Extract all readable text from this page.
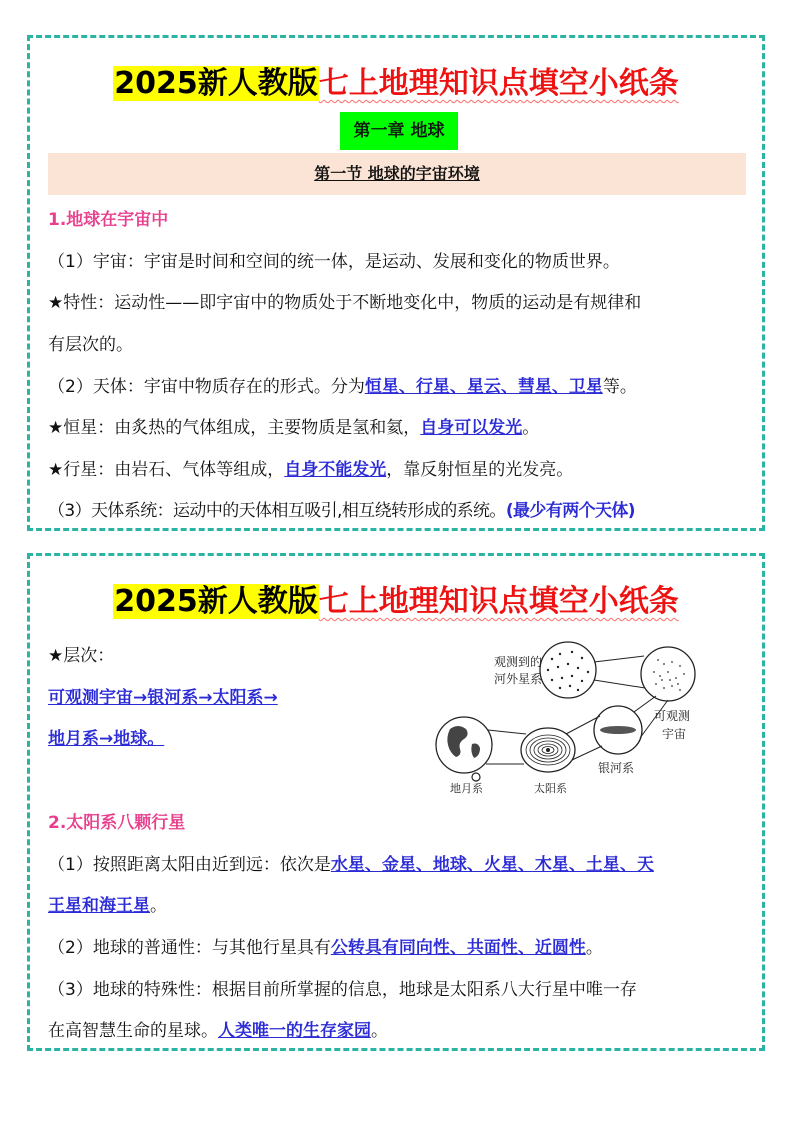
2025新人教版七上地理知识点填空小纸条
第一章 地球
第一节 地球的宇宙环境
1.地球在宇宙中
（1）宇宙：宇宙是时间和空间的统一体，是运动、发展和变化的物质世界。
★特性：运动性——即宇宙中的物质处于不断地变化中，物质的运动是有规律和
有层次的。
（2）天体：宇宙中物质存在的形式。分为恒星、行星、星云、彗星、卫星等。
★恒星：由炙热的气体组成，主要物质是氢和氦，自身可以发光。
★行星：由岩石、气体等组成，自身不能发光，靠反射恒星的光发亮。
（3）天体系统：运动中的天体相互吸引,相互绕转形成的系统。(最少有两个天体)
2025新人教版七上地理知识点填空小纸条
★层次：
可观测宇宙→银河系→太阳系→
地月系→地球。
观测到的
河外星系
可观测
宇宙
银河系
太阳系
地月系
2.太阳系八颗行星
（1）按照距离太阳由近到远：依次是水星、金星、地球、火星、木星、土星、天
王星和海王星。
（2）地球的普通性：与其他行星具有公转具有同向性、共面性、近圆性。
（3）地球的特殊性：根据目前所掌握的信息，地球是太阳系八大行星中唯一存
在高智慧生命的星球。人类唯一的生存家园。
